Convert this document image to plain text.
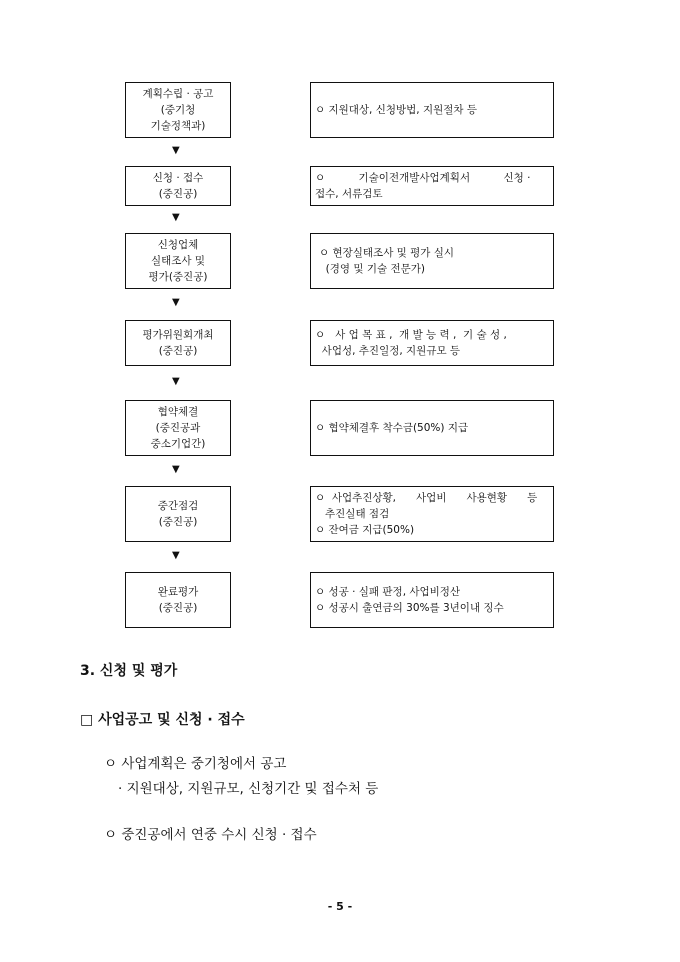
계획수립 · 공고
(중기청
기술정책과)
ㅇ 지원대상, 신청방법, 지원절차 등
▼
신청 · 접수
(중진공)
ㅇ          기술이전개발사업계획서          신청 ·
접수, 서류검토
▼
신청업체
실태조사 및
평가(중진공)
ㅇ 현장실태조사 및 평가 실시
(경영 및 기술 전문가)
▼
평가위원회개최
(중진공)
ㅇ   사 업 목 표 ,  개 발 능 력 ,  기 술 성 ,
사업성, 추진일정, 지원규모 등
▼
협약체결
(중진공과
중소기업간)
ㅇ 협약체결후 착수금(50%) 지급
▼
중간점검
(중진공)
ㅇ  사업추진상황,      사업비      사용현황      등
추진실태 점검
ㅇ 잔여금 지급(50%)
▼
완료평가
(중진공)
ㅇ 성공 · 실패 판정, 사업비정산
ㅇ 성공시 출연금의 30%를 3년이내 징수
3. 신청 및 평가
□ 사업공고 및 신청 · 접수
ㅇ 사업계획은 중기청에서 공고
· 지원대상, 지원규모, 신청기간 및 접수처 등
ㅇ 중진공에서 연중 수시 신청 · 접수
- 5 -
